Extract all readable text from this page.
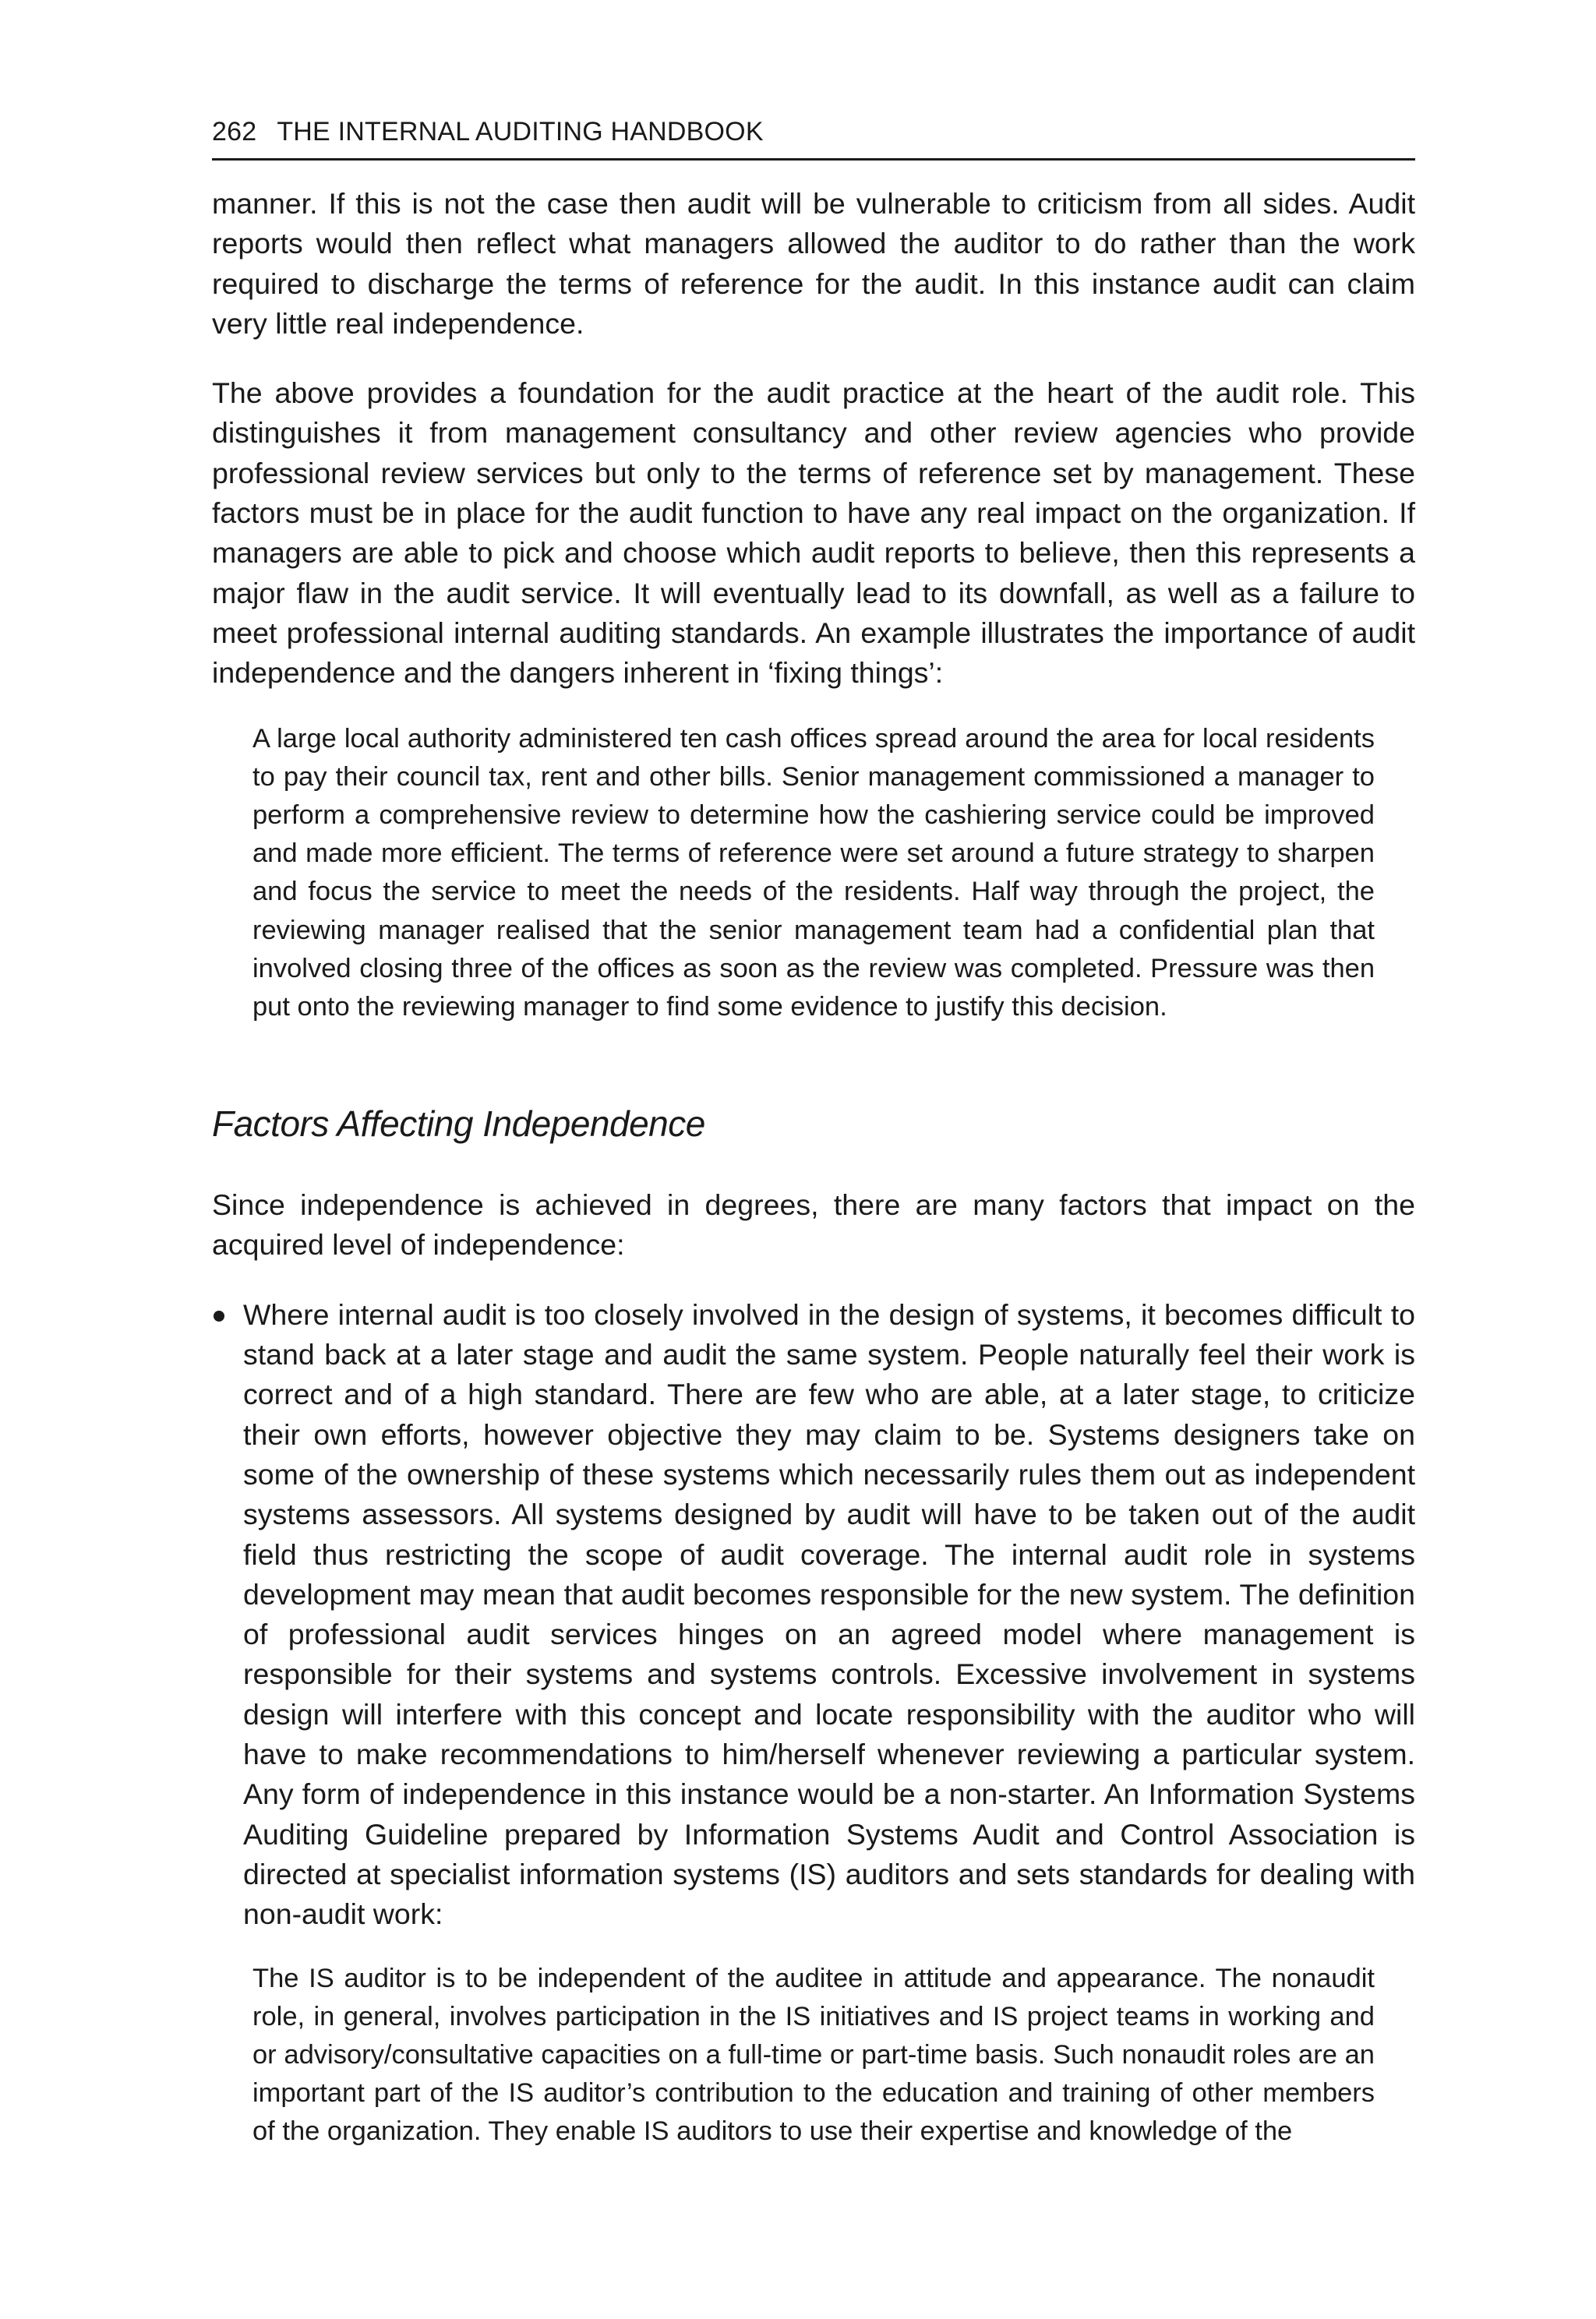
262 THE INTERNAL AUDITING HANDBOOK

manner. If this is not the case then audit will be vulnerable to criticism from all sides. Audit reports would then reflect what managers allowed the auditor to do rather than the work required to discharge the terms of reference for the audit. In this instance audit can claim very little real independence.

The above provides a foundation for the audit practice at the heart of the audit role. This distinguishes it from management consultancy and other review agencies who provide professional review services but only to the terms of reference set by management. These factors must be in place for the audit function to have any real impact on the organization. If managers are able to pick and choose which audit reports to believe, then this represents a major flaw in the audit service. It will eventually lead to its downfall, as well as a failure to meet professional internal auditing standards. An example illustrates the importance of audit independence and the dangers inherent in ‘fixing things’:

A large local authority administered ten cash offices spread around the area for local residents to pay their council tax, rent and other bills. Senior management commissioned a manager to perform a comprehensive review to determine how the cashiering service could be improved and made more efficient. The terms of reference were set around a future strategy to sharpen and focus the service to meet the needs of the residents. Half way through the project, the reviewing manager realised that the senior management team had a confidential plan that involved closing three of the offices as soon as the review was completed. Pressure was then put onto the reviewing manager to find some evidence to justify this decision.
Factors Affecting Independence

Since independence is achieved in degrees, there are many factors that impact on the acquired level of independence:

Where internal audit is too closely involved in the design of systems, it becomes difficult to stand back at a later stage and audit the same system. People naturally feel their work is correct and of a high standard. There are few who are able, at a later stage, to criticize their own efforts, however objective they may claim to be. Systems designers take on some of the ownership of these systems which necessarily rules them out as independent systems assessors. All systems designed by audit will have to be taken out of the audit field thus restricting the scope of audit coverage. The internal audit role in systems development may mean that audit becomes responsible for the new system. The definition of professional audit services hinges on an agreed model where management is responsible for their systems and systems controls. Excessive involvement in systems design will interfere with this concept and locate responsibility with the auditor who will have to make recommendations to him/herself whenever reviewing a particular system. Any form of independence in this instance would be a non-starter. An Information Systems Auditing Guideline prepared by Information Systems Audit and Control Association is directed at specialist information systems (IS) auditors and sets standards for dealing with non-audit work:
The IS auditor is to be independent of the auditee in attitude and appearance. The nonaudit role, in general, involves participation in the IS initiatives and IS project teams in working and or advisory/consultative capacities on a full-time or part-time basis. Such nonaudit roles are an important part of the IS auditor’s contribution to the education and training of other members of the organization. They enable IS auditors to use their expertise and knowledge of the
